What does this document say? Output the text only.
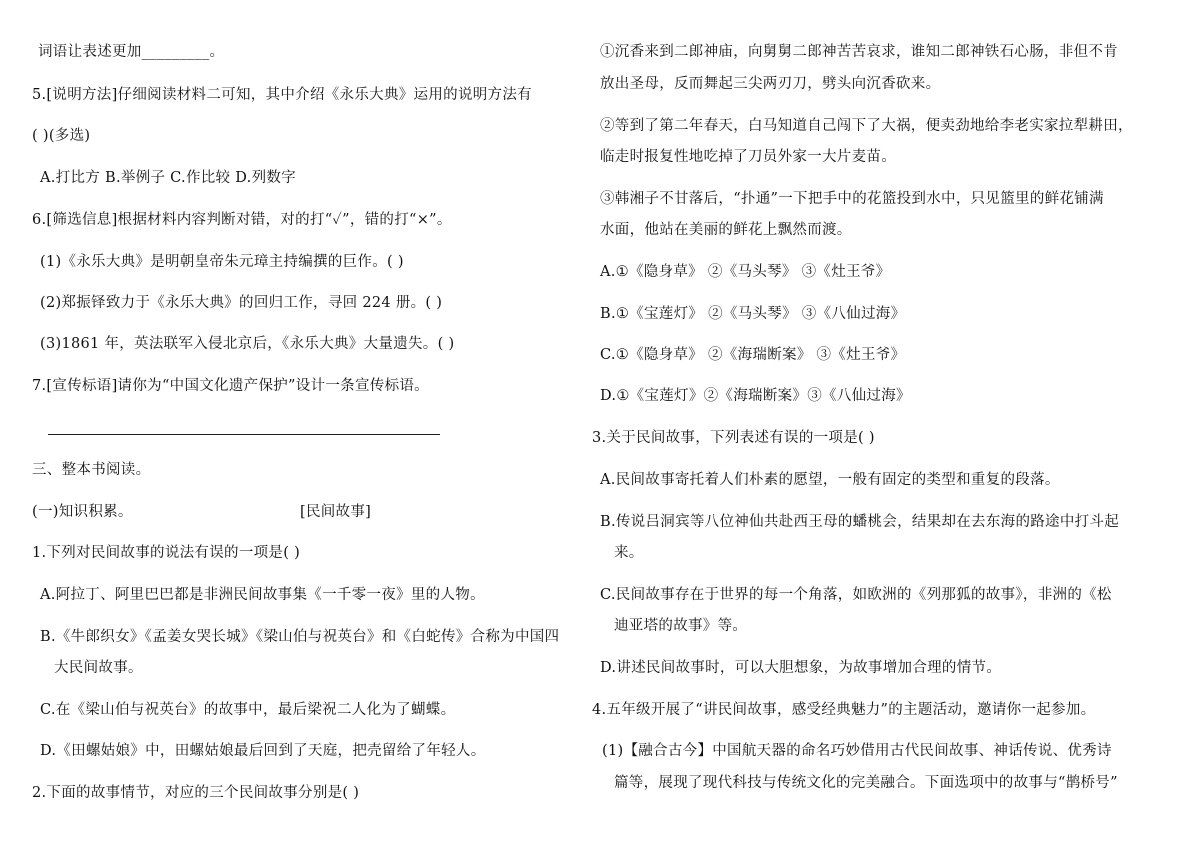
词语让表述更加_________。
5.[说明方法]仔细阅读材料二可知，其中介绍《永乐大典》运用的说明方法有
( )(多选)
A.打比方 B.举例子 C.作比较 D.列数字
6.[筛选信息]根据材料内容判断对错，对的打“✓”，错的打“×”。
(1)《永乐大典》是明朝皇帝朱元璋主持编撰的巨作。( )
(2)郑振铎致力于《永乐大典》的回归工作，寻回 224 册。( )
(3)1861 年，英法联军入侵北京后，《永乐大典》大量遗失。( )
7.[宣传标语]请你为“中国文化遗产保护”设计一条宣传标语。
三、整本书阅读。
(一)知识积累。	[民间故事]
1.下列对民间故事的说法有误的一项是( )
A.阿拉丁、阿里巴巴都是非洲民间故事集《一千零一夜》里的人物。
B.《牛郎织女》《孟姜女哭长城》《梁山伯与祝英台》和《白蛇传》合称为中国四
大民间故事。
C.在《梁山伯与祝英台》的故事中，最后梁祝二人化为了蝴蝶。
D.《田螺姑娘》中，田螺姑娘最后回到了天庭，把壳留给了年轻人。
2.下面的故事情节，对应的三个民间故事分别是( )
①沉香来到二郎神庙，向舅舅二郎神苦苦哀求，谁知二郎神铁石心肠，非但不肯
放出圣母，反而舞起三尖两刃刀，劈头向沉香砍来。
②等到了第二年春天，白马知道自己闯下了大祸，便卖劲地给李老实家拉犁耕田，
临走时报复性地吃掉了刀员外家一大片麦苗。
③韩湘子不甘落后，“扑通”一下把手中的花篮投到水中，只见篮里的鲜花铺满
水面，他站在美丽的鲜花上飘然而渡。
A.①《隐身草》 ②《马头琴》 ③《灶王爷》
B.①《宝莲灯》 ②《马头琴》 ③《八仙过海》
C.①《隐身草》 ②《海瑞断案》 ③《灶王爷》
D.①《宝莲灯》②《海瑞断案》③《八仙过海》
3.关于民间故事，下列表述有误的一项是( )
A.民间故事寄托着人们朴素的愿望，一般有固定的类型和重复的段落。
B.传说吕洞宾等八位神仙共赴西王母的蟠桃会，结果却在去东海的路途中打斗起
来。
C.民间故事存在于世界的每一个角落，如欧洲的《列那狐的故事》，非洲的《松
迪亚塔的故事》等。
D.讲述民间故事时，可以大胆想象，为故事增加合理的情节。
4.五年级开展了“讲民间故事，感受经典魅力”的主题活动，邀请你一起参加。
(1)【融合古今】中国航天器的命名巧妙借用古代民间故事、神话传说、优秀诗
篇等，展现了现代科技与传统文化的完美融合。下面选项中的故事与“鹊桥号”
